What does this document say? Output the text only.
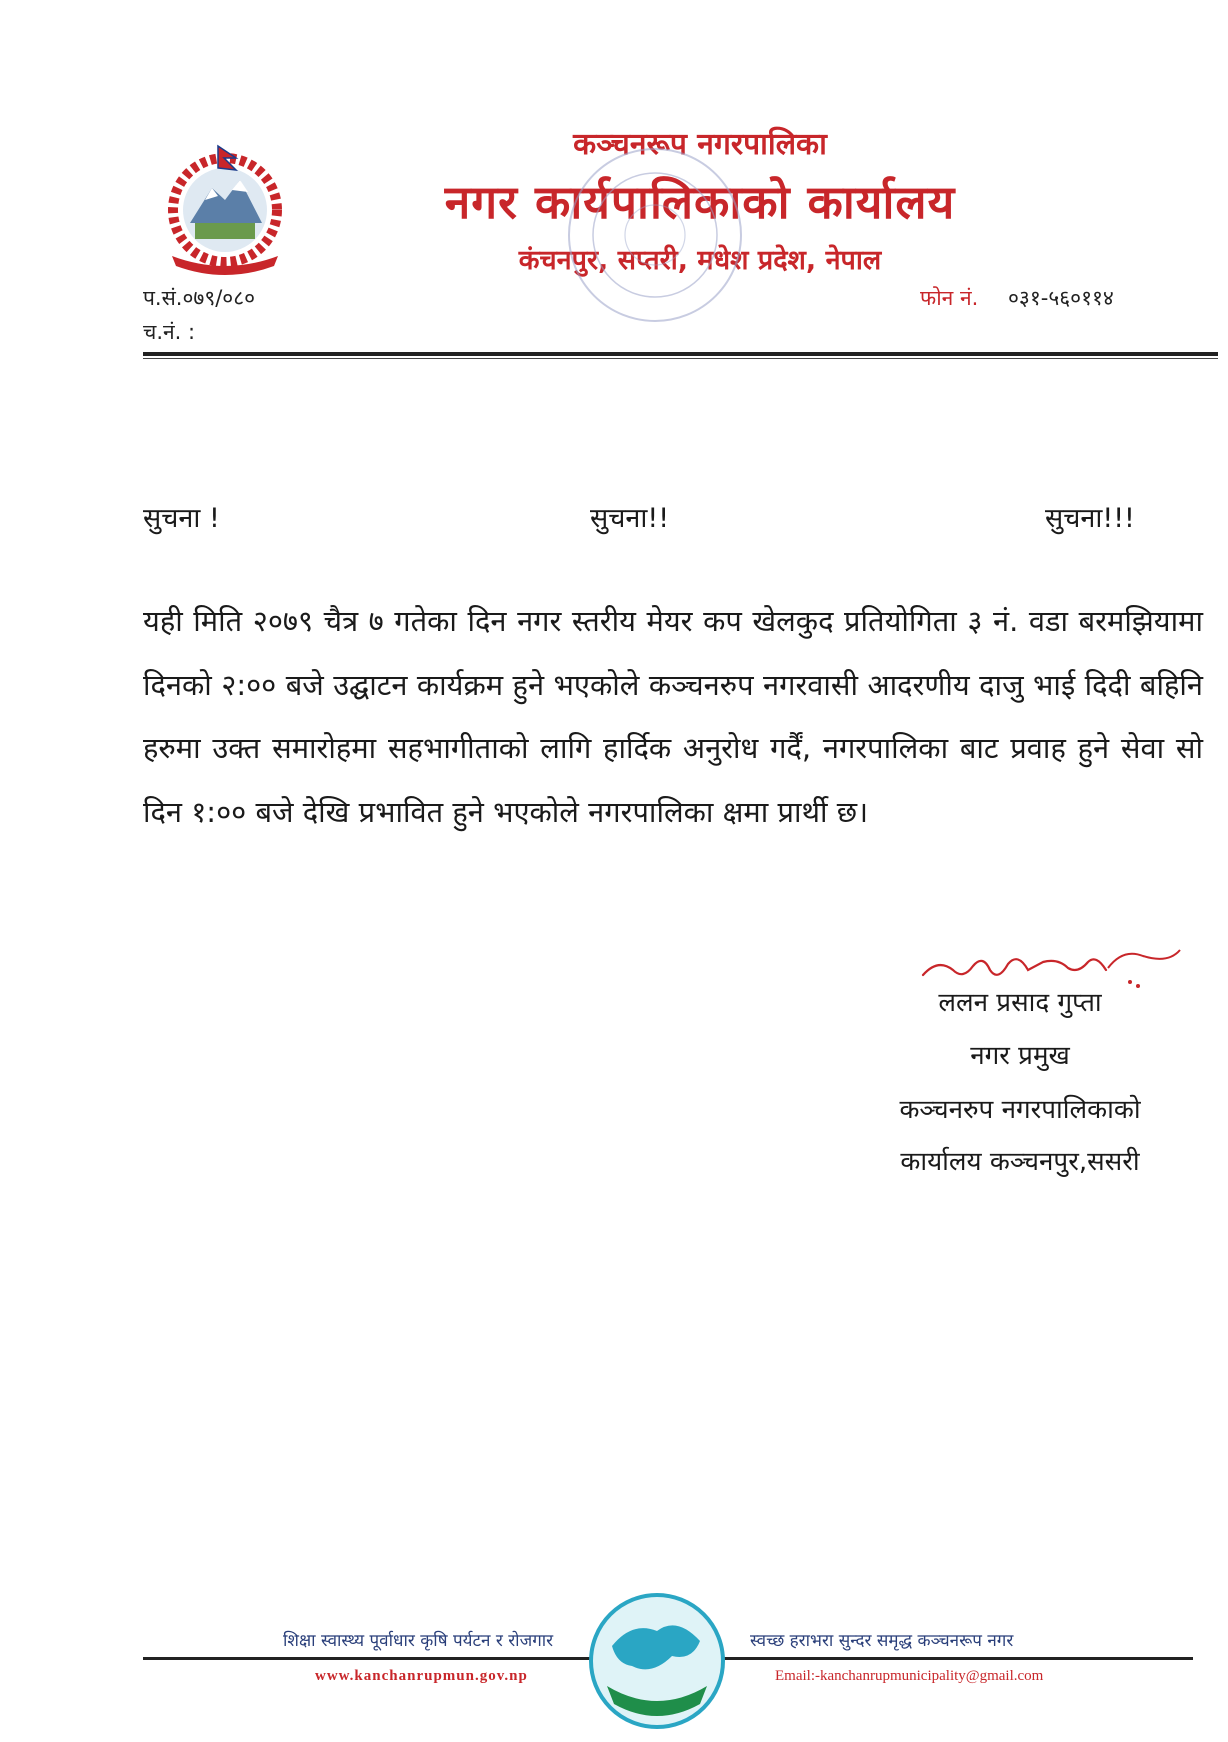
कञ्चनरूप नगरपालिका
नगर कार्यपालिकाको कार्यालय
कंचनपुर, सप्तरी, मधेश प्रदेश, नेपाल
प.सं.०७९/०८०
च.नं. :
फोन नं. ०३१-५६०११४
सुचना !	सुचना!!	सुचना!!!
यही मिति २०७९ चैत्र ७ गतेका दिन नगर स्तरीय मेयर कप खेलकुद प्रतियोगिता ३ नं. वडा बरमझियामा दिनको २:०० बजे उद्घाटन कार्यक्रम हुने भएकोले कञ्चनरुप नगरवासी आदरणीय दाजु भाई दिदी बहिनि हरुमा उक्त समारोहमा सहभागीताको लागि हार्दिक अनुरोध गर्दैं, नगरपालिका बाट प्रवाह हुने सेवा सो दिन १:०० बजे देखि प्रभावित हुने भएकोले नगरपालिका क्षमा प्रार्थी छ।
ललन प्रसाद गुप्ता
नगर प्रमुख
कञ्चनरुप नगरपालिकाको
कार्यालय कञ्चनपुर,ससरी
शिक्षा स्वास्थ्य पूर्वाधार कृषि पर्यटन र रोजगार	स्वच्छ हराभरा सुन्दर समृद्ध कञ्चनरूप नगर
www.kanchanrupmun.gov.np	Email:-kanchanrupmunicipality@gmail.com
